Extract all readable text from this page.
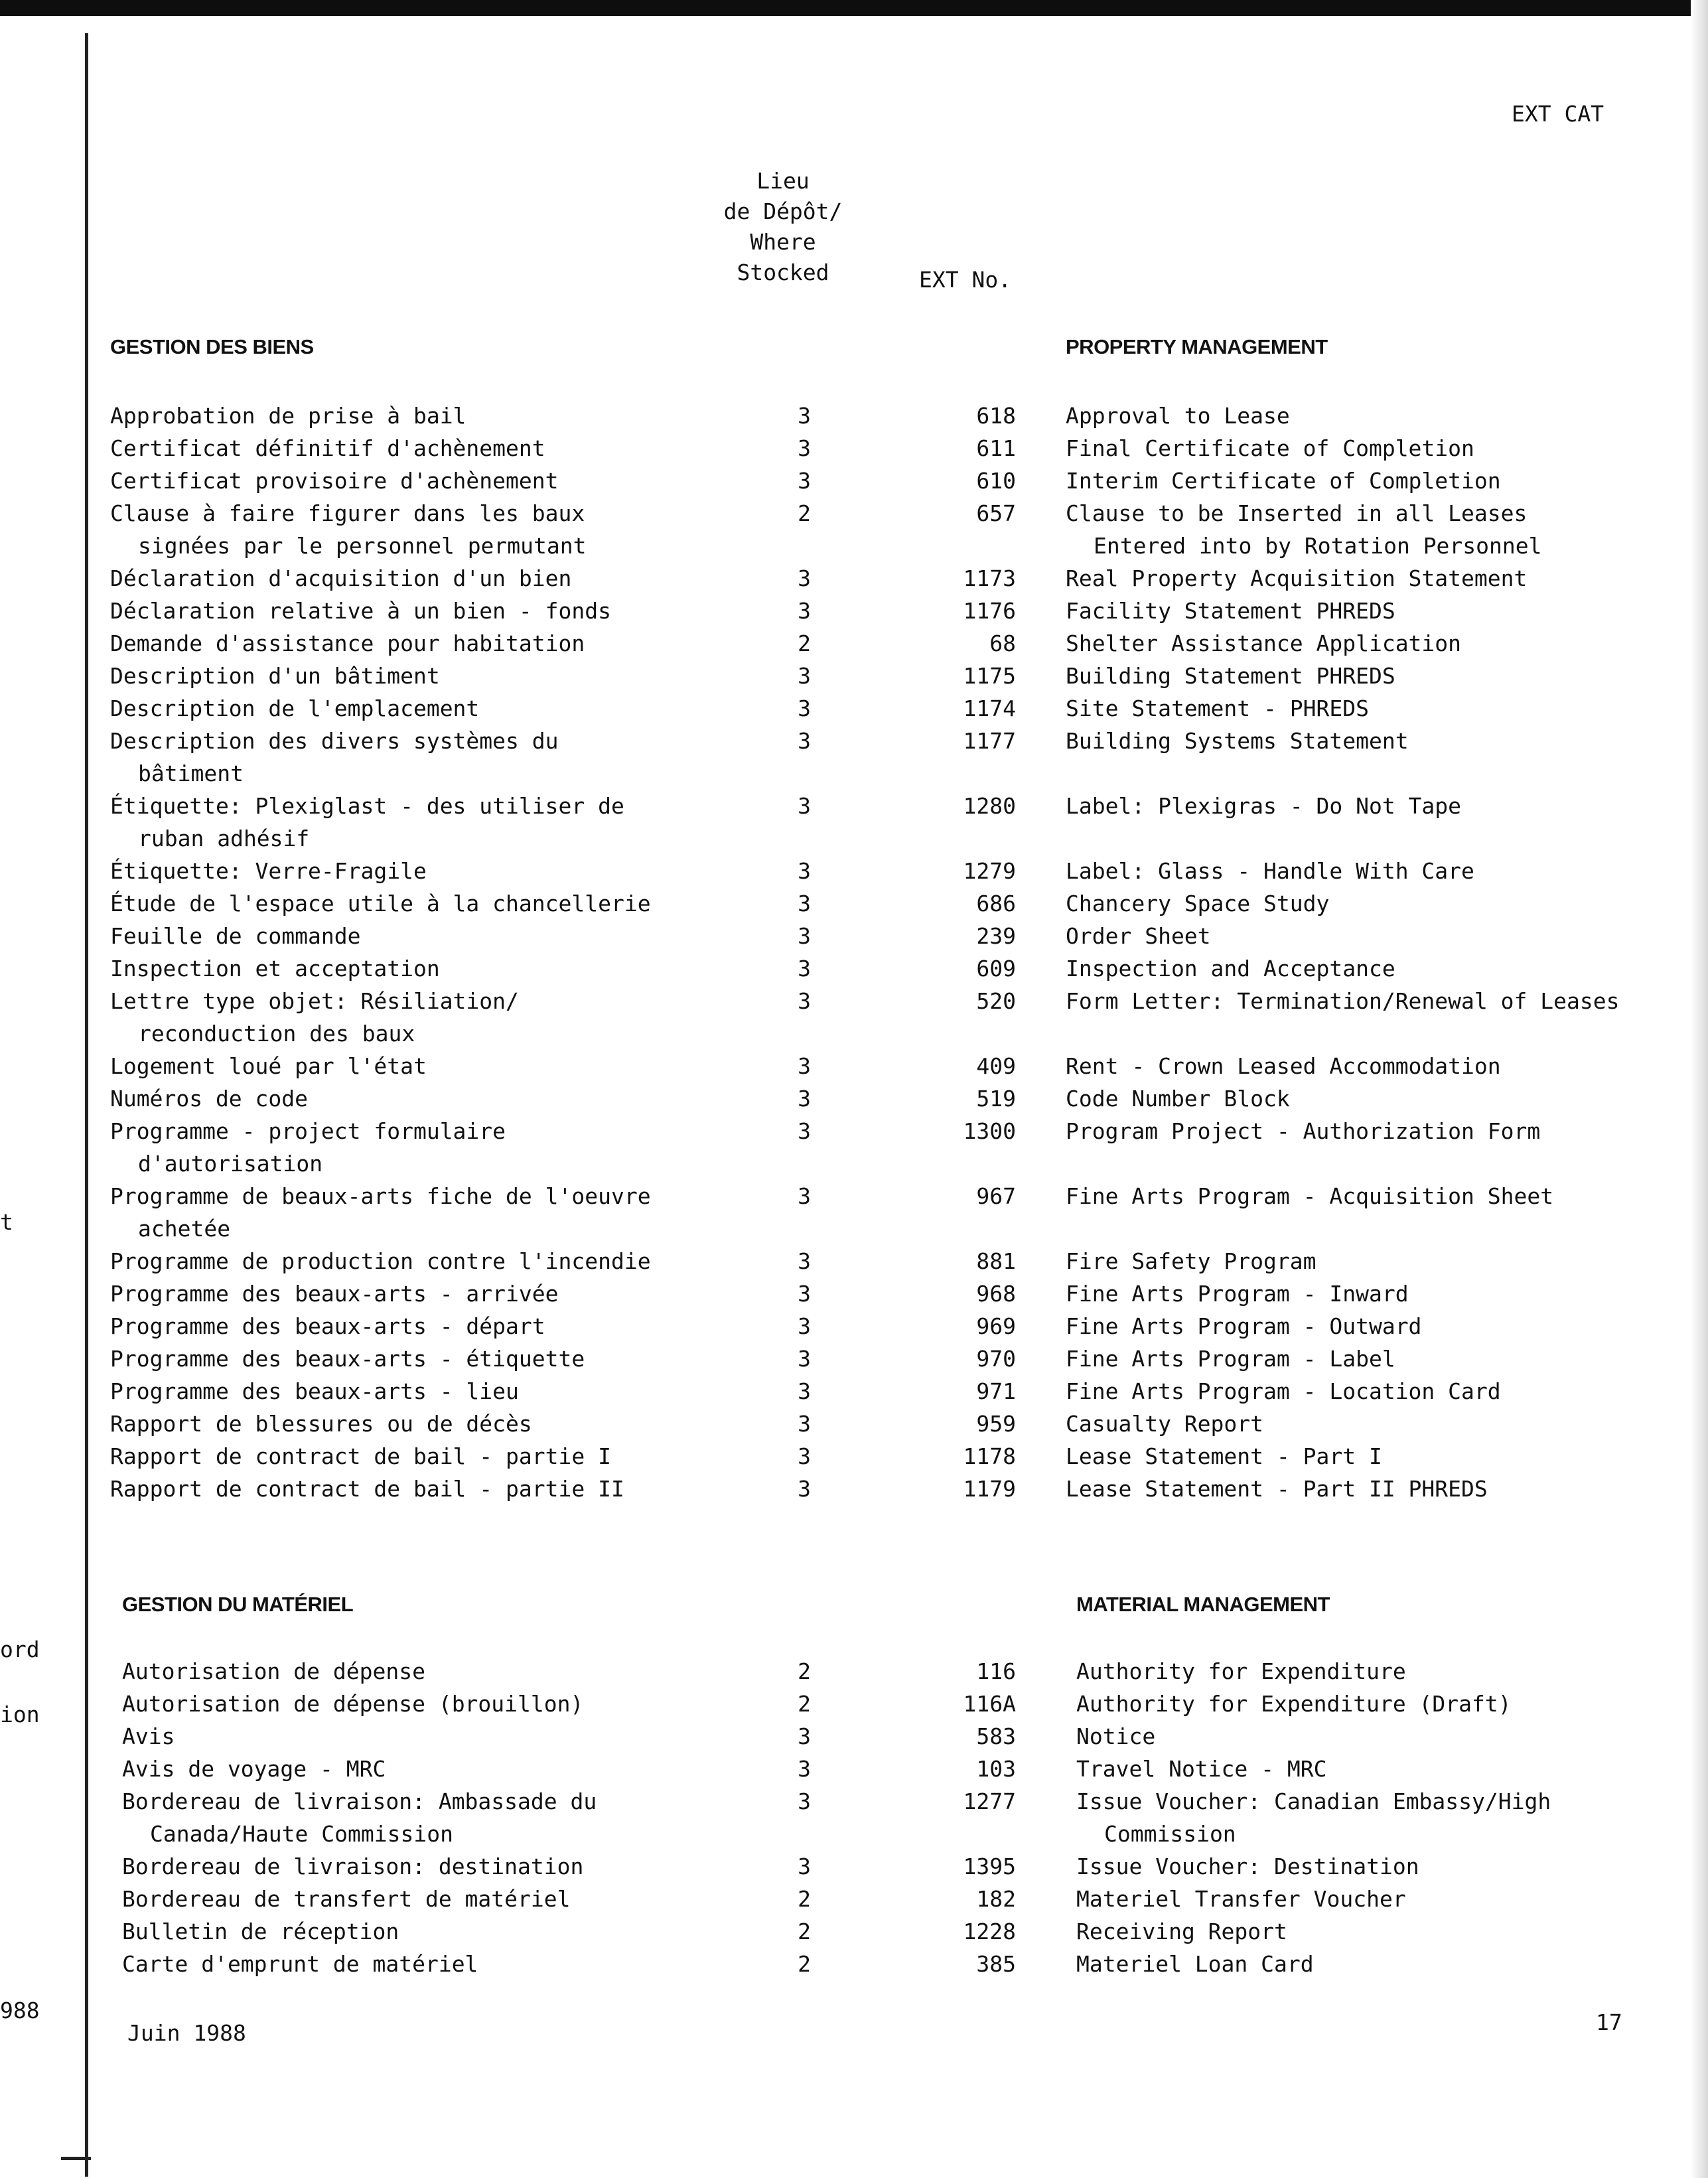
EXT CAT
Lieu
de Dépôt/
Where
Stocked	EXT No.
GESTION DES BIENS	PROPERTY MANAGEMENT
Approbation de prise à bail	3	618 Approval to Lease
Certificat définitif d'achènement	3	611 Final Certificate of Completion
Certificat provisoire d'achènement	3	610 Interim Certificate of Completion
Clause à faire figurer dans les baux
signées par le personnel permutant
2	657 Clause to be Inserted in all Leases
Entered into by Rotation Personnel
Déclaration d'acquisition d'un bien	3	1173 Real Property Acquisition Statement
Déclaration relative à un bien - fonds	3	1176 Facility Statement PHREDS
Demande d'assistance pour habitation	2	68 Shelter Assistance Application
Description d'un bâtiment	3	1175 Building Statement PHREDS
Description de l'emplacement	3	1174 Site Statement - PHREDS
Description des divers systèmes du
bâtiment
3	1177 Building Systems Statement
Étiquette: Plexiglast - des utiliser de
ruban adhésif
3	1280 Label: Plexigras - Do Not Tape
Étiquette: Verre-Fragile	3	1279 Label: Glass - Handle With Care
Étude de l'espace utile à la chancellerie	3	686 Chancery Space Study
Feuille de commande	3	239 Order Sheet
Inspection et acceptation	3	609 Inspection and Acceptance
Lettre type objet: Résiliation/
reconduction des baux
3	520 Form Letter: Termination/Renewal of Leases
Logement loué par l'état	3	409 Rent - Crown Leased Accommodation
Numéros de code	3	519 Code Number Block
Programme - project formulaire
d'autorisation
3	1300 Program Project - Authorization Form
Programme de beaux-arts fiche de l'oeuvre
achetée
3	967 Fine Arts Program - Acquisition Sheet
Programme de production contre l'incendie	3	881 Fire Safety Program
Programme des beaux-arts - arrivée	3	968 Fine Arts Program - Inward
Programme des beaux-arts - départ	3	969 Fine Arts Program - Outward
Programme des beaux-arts - étiquette	3	970 Fine Arts Program - Label
Programme des beaux-arts - lieu	3	971 Fine Arts Program - Location Card
Rapport de blessures ou de décès	3	959 Casualty Report
Rapport de contract de bail - partie I	3	1178 Lease Statement - Part I
Rapport de contract de bail - partie II	3	1179 Lease Statement - Part II PHREDS
GESTION DU MATÉRIEL	MATERIAL MANAGEMENT
Autorisation de dépense	2	116	Authority for Expenditure
Autorisation de dépense (brouillon)	2	116A	Authority for Expenditure (Draft)
Avis	3	583	Notice
Avis de voyage - MRC	3	103	Travel Notice - MRC
Bordereau de livraison: Ambassade du
Canada/Haute Commission
3	1277	Issue Voucher: Canadian Embassy/High
Commission
Bordereau de livraison: destination	3	1395	Issue Voucher: Destination
Bordereau de transfert de matériel	2	182	Materiel Transfer Voucher
Bulletin de réception	2	1228	Receiving Report
Carte d'emprunt de matériel	2	385	Materiel Loan Card
Juin 1988	17
t
ord
ion
988
